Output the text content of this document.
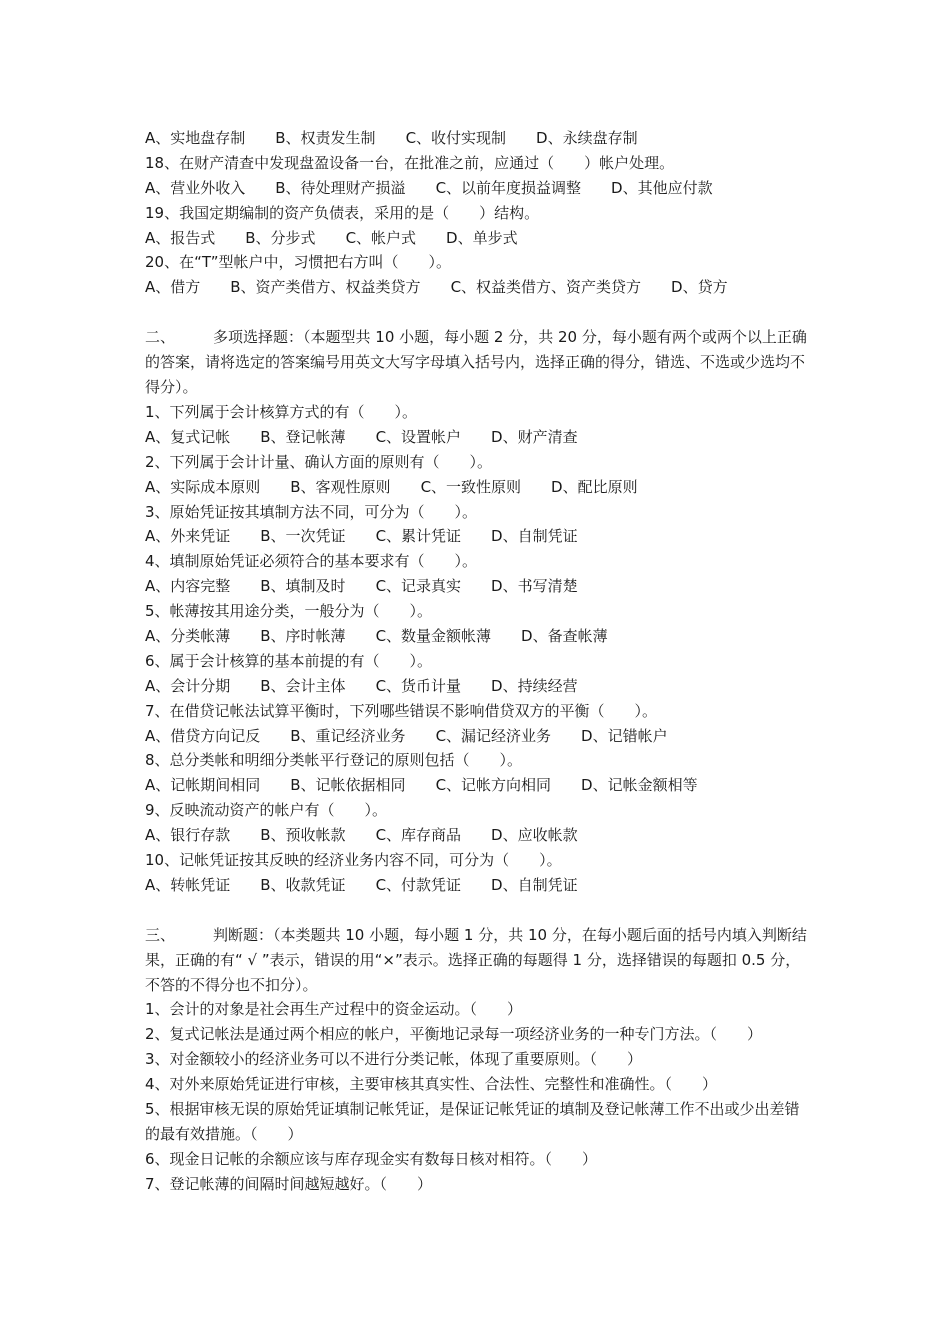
A、实地盘存制 B、权责发生制 C、收付实现制 D、永续盘存制
18、在财产清查中发现盘盈设备一台，在批准之前，应通过（　　）帐户处理。
A、营业外收入 B、待处理财产损溢 C、以前年度损益调整 D、其他应付款
19、我国定期编制的资产负债表，采用的是（　　）结构。
A、报告式 B、分步式 C、帐户式 D、单步式
20、在“T”型帐户中，习惯把右方叫（　　）。
A、借方 B、资产类借方、权益类贷方 C、权益类借方、资产类贷方 D、贷方
二、	多项选择题：（本题型共 10 小题，每小题 2 分，共 20 分，每小题有两个或两个以上正确的答案，请将选定的答案编号用英文大写字母填入括号内，选择正确的得分，错选、不选或少选均不得分）。
1、下列属于会计核算方式的有（　　）。
A、复式记帐 B、登记帐薄 C、设置帐户 D、财产清查
2、下列属于会计计量、确认方面的原则有（　　）。
A、实际成本原则 B、客观性原则 C、一致性原则 D、配比原则
3、原始凭证按其填制方法不同，可分为（　　）。
A、外来凭证 B、一次凭证 C、累计凭证 D、自制凭证
4、填制原始凭证必须符合的基本要求有（　　）。
A、内容完整 B、填制及时 C、记录真实 D、书写清楚
5、帐薄按其用途分类，一般分为（　　）。
A、分类帐薄 B、序时帐薄 C、数量金额帐薄 D、备查帐薄
6、属于会计核算的基本前提的有（　　）。
A、会计分期 B、会计主体 C、货币计量 D、持续经营
7、在借贷记帐法试算平衡时，下列哪些错误不影响借贷双方的平衡（　　）。
A、借贷方向记反 B、重记经济业务 C、漏记经济业务 D、记错帐户
8、总分类帐和明细分类帐平行登记的原则包括（　　）。
A、记帐期间相同 B、记帐依据相同 C、记帐方向相同 D、记帐金额相等
9、反映流动资产的帐户有（　　）。
A、银行存款 B、预收帐款 C、库存商品 D、应收帐款
10、记帐凭证按其反映的经济业务内容不同，可分为（　　）。
A、转帐凭证 B、收款凭证 C、付款凭证 D、自制凭证
三、	判断题：（本类题共 10 小题，每小题 1 分，共 10 分，在每小题后面的括号内填入判断结果，正确的有“ √ ”表示，错误的用“×”表示。选择正确的每题得 1 分，选择错误的每题扣 0.5 分，不答的不得分也不扣分）。
1、会计的对象是社会再生产过程中的资金运动。（　　）
2、复式记帐法是通过两个相应的帐户，平衡地记录每一项经济业务的一种专门方法。（　　）
3、对金额较小的经济业务可以不进行分类记帐，体现了重要原则。（　　）
4、对外来原始凭证进行审核，主要审核其真实性、合法性、完整性和准确性。（　　）
5、根据审核无误的原始凭证填制记帐凭证，是保证记帐凭证的填制及登记帐薄工作不出或少出差错的最有效措施。（　　）
6、现金日记帐的余额应该与库存现金实有数每日核对相符。（　　）
7、登记帐薄的间隔时间越短越好。（　　）
